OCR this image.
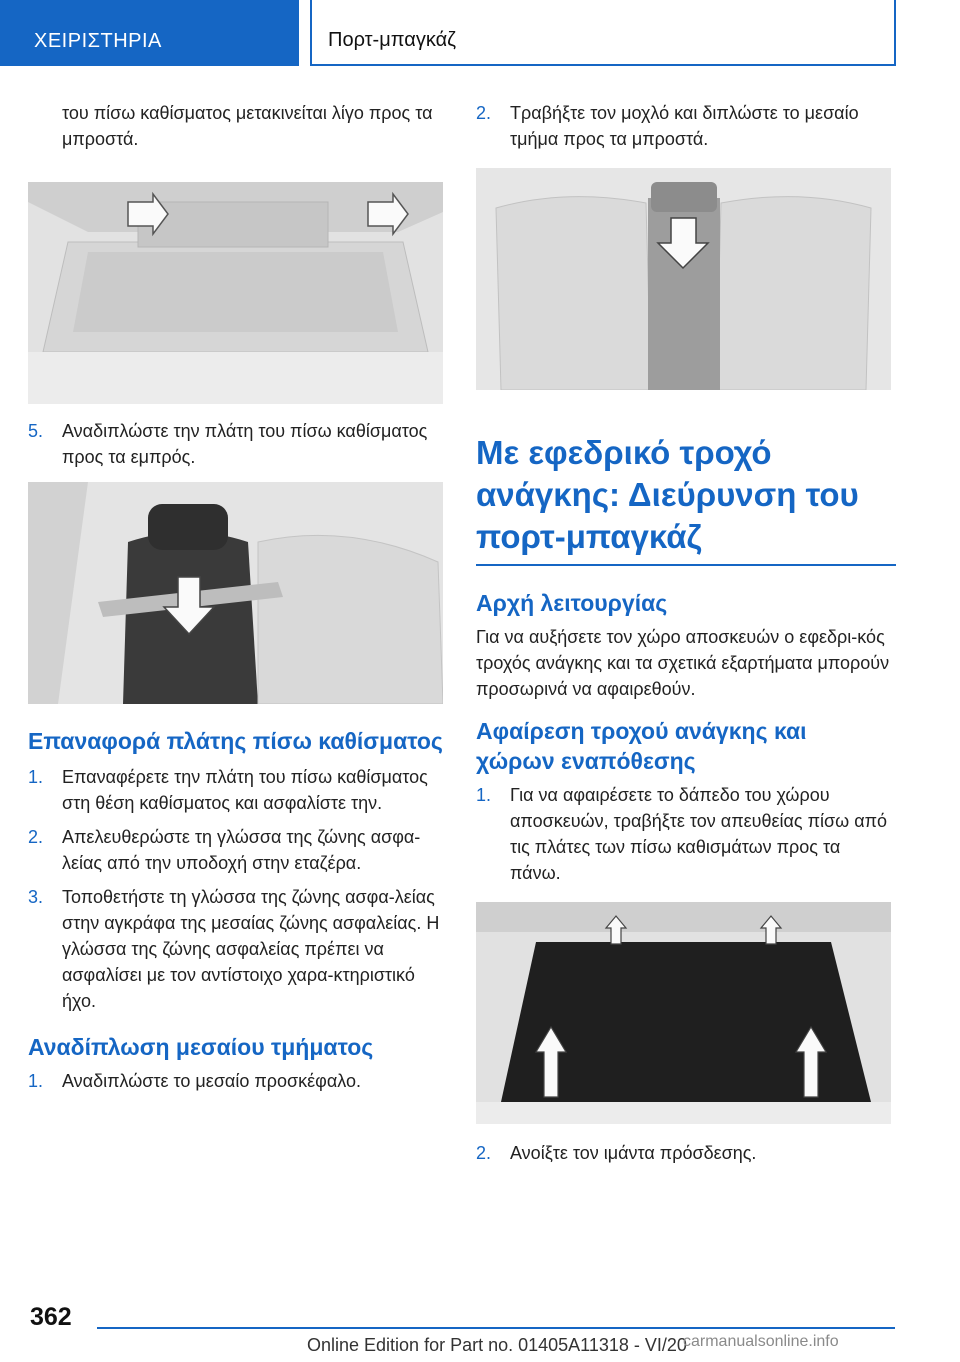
ΧΕΙΡΙΣΤΗΡΙΑ	Πορτ-μπαγκάζ

του πίσω καθίσματος μετακινείται λίγο προς τα μπροστά.

5. Αναδιπλώστε την πλάτη του πίσω καθίσματος προς τα εμπρός.
Επαναφορά πλάτης πίσω καθίσματος
1. Επαναφέρετε την πλάτη του πίσω καθίσματος στη θέση καθίσματος και ασφαλίστε την.
2. Απελευθερώστε τη γλώσσα της ζώνης ασφα‐λείας από την υποδοχή στην εταζέρα.
3. Τοποθετήστε τη γλώσσα της ζώνης ασφα‐λείας στην αγκράφα της μεσαίας ζώνης ασφαλείας. Η γλώσσα της ζώνης ασφαλείας πρέπει να ασφαλίσει με τον αντίστοιχο χαρα‐κτηριστικό ήχο.
Αναδίπλωση μεσαίου τμήματος
1. Αναδιπλώστε το μεσαίο προσκέφαλο.
2. Τραβήξτε τον μοχλό και διπλώστε το μεσαίο τμήμα προς τα μπροστά.
Με εφεδρικό τροχό ανάγκης: Διεύρυνση του πορτ-μπαγκάζ
Αρχή λειτουργίας

Για να αυξήσετε τον χώρο αποσκευών ο εφεδρι‐κός τροχός ανάγκης και τα σχετικά εξαρτήματα μπορούν προσωρινά να αφαιρεθούν.

Αφαίρεση τροχού ανάγκης και χώρων εναπόθεσης
1. Για να αφαιρέσετε το δάπεδο του χώρου αποσκευών, τραβήξτε τον απευθείας πίσω από τις πλάτες των πίσω καθισμάτων προς τα πάνω.
2. Ανοίξτε τον ιμάντα πρόσδεσης.
362
Online Edition for Part no. 01405A11318 - VI/20
carmanualsonline.info
